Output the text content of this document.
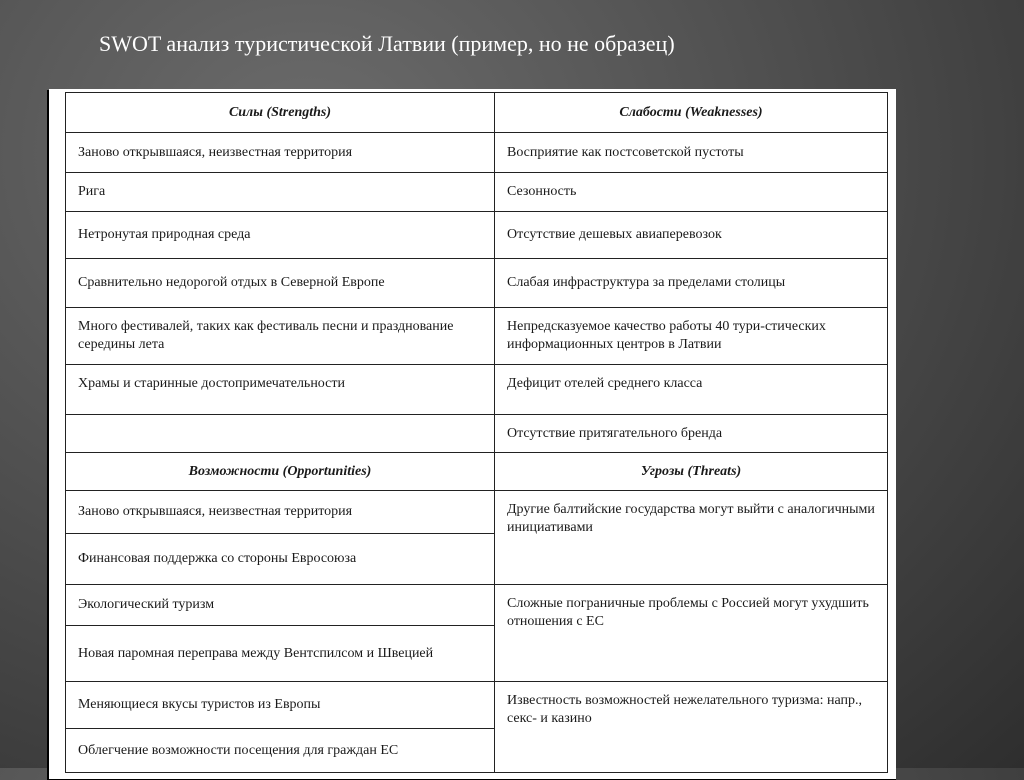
SWOT анализ туристической Латвии (пример, но не образец)
Силы (Strengths)	Слабости (Weaknesses)
Заново открывшаяся, неизвестная территория	Восприятие как постсоветской пустоты
Рига	Сезонность
Нетронутая природная среда	Отсутствие дешевых авиаперевозок
Сравнительно недорогой отдых в Северной Европе	Слабая инфраструктура за пределами столицы
Много фестивалей, таких как фестиваль песни и празднование середины лета	Непредсказуемое качество работы 40 тури-стических информационных центров в Латвии
Храмы и старинные достопримечательности	Дефицит отелей среднего класса
	Отсутствие притягательного бренда
Возможности (Opportunities)	Угрозы (Threats)
Заново открывшаяся, неизвестная территория	Другие балтийские государства могут выйти с аналогичными инициативами
Финансовая поддержка со стороны Евросоюза	
Экологический туризм	Сложные пограничные проблемы с Россией могут ухудшить отношения с ЕС
Новая паромная переправа между Вентспилсом и Швецией	
Меняющиеся вкусы туристов из Европы	Известность возможностей нежелательного туризма: напр., секс- и казино
Облегчение возможности посещения для граждан ЕС	
